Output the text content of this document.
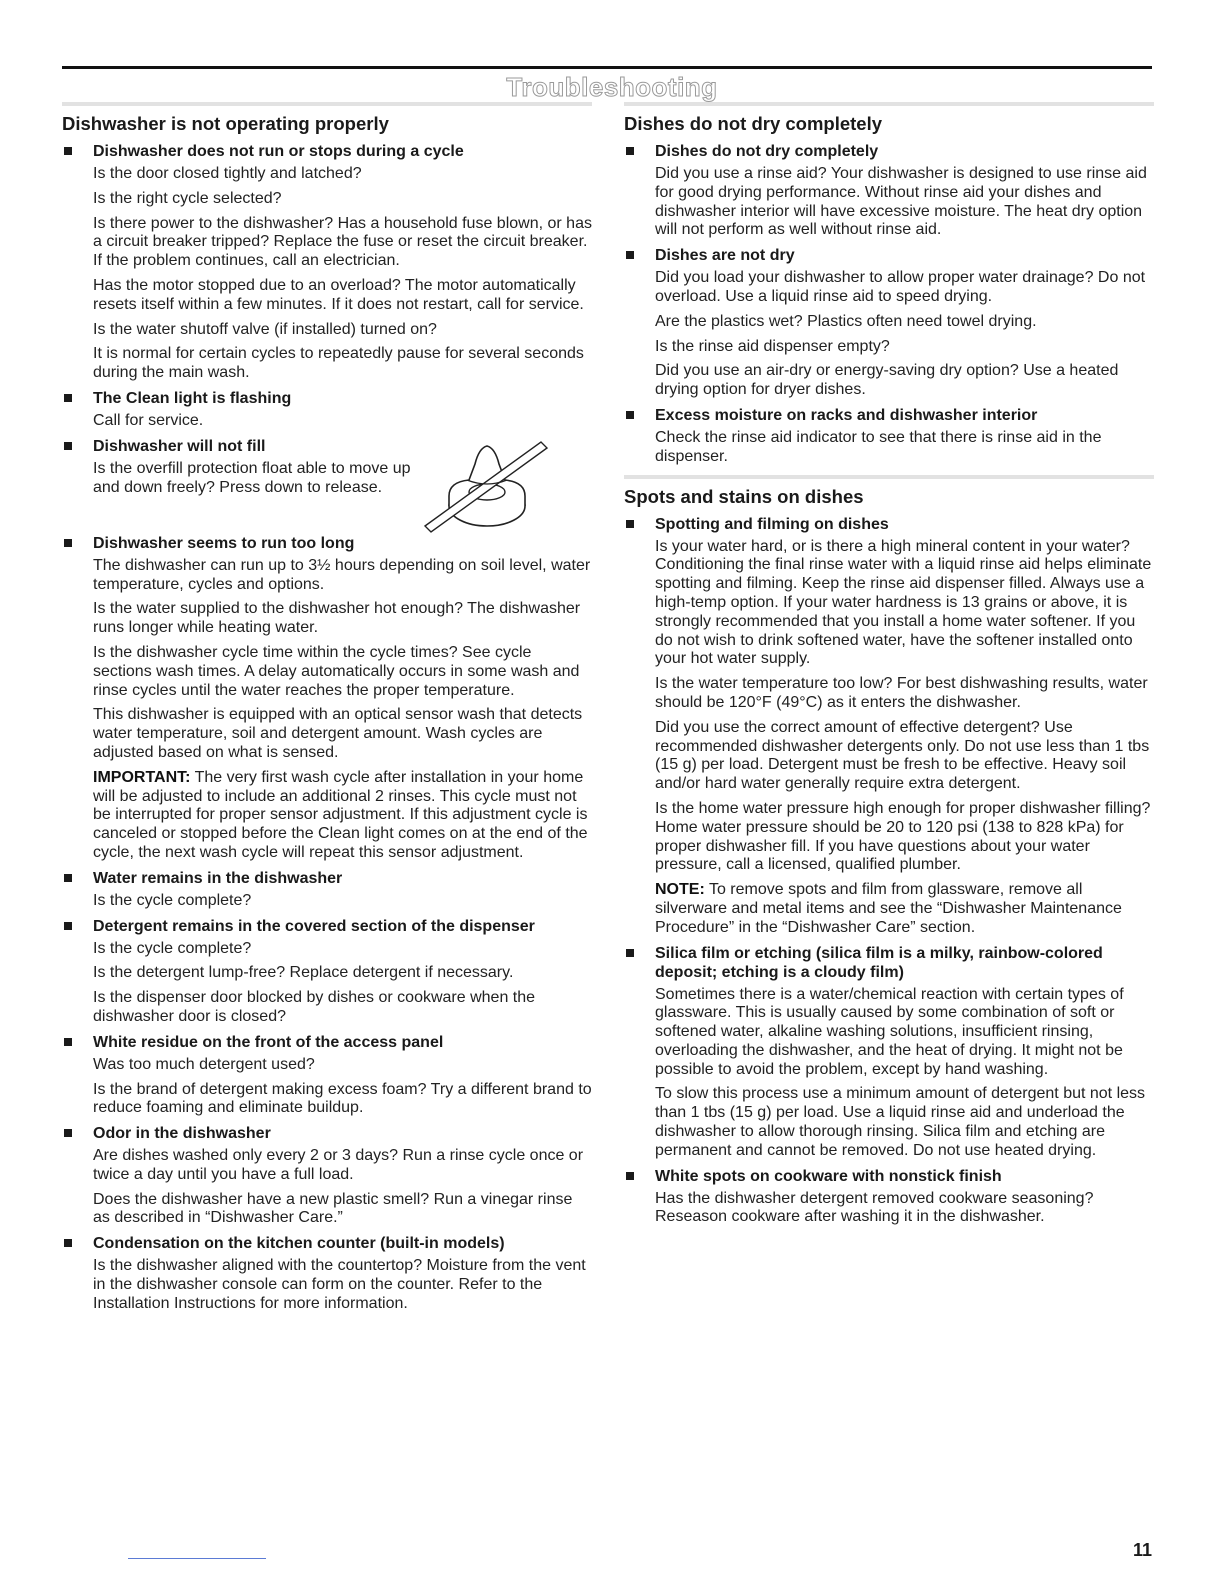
Troubleshooting
Dishwasher is not operating properly
Dishwasher does not run or stops during a cycle

Is the door closed tightly and latched?

Is the right cycle selected?

Is there power to the dishwasher? Has a household fuse blown, or has a circuit breaker tripped? Replace the fuse or reset the circuit breaker. If the problem continues, call an electrician.

Has the motor stopped due to an overload? The motor automatically resets itself within a few minutes. If it does not restart, call for service.

Is the water shutoff valve (if installed) turned on?

It is normal for certain cycles to repeatedly pause for several seconds during the main wash.

The Clean light is flashing

Call for service.

Dishwasher will not fill

Is the overfill protection float able to move up and down freely? Press down to release.

Dishwasher seems to run too long

The dishwasher can run up to 3½ hours depending on soil level, water temperature, cycles and options.

Is the water supplied to the dishwasher hot enough? The dishwasher runs longer while heating water.

Is the dishwasher cycle time within the cycle times? See cycle sections wash times. A delay automatically occurs in some wash and rinse cycles until the water reaches the proper temperature.

This dishwasher is equipped with an optical sensor wash that detects water temperature, soil and detergent amount. Wash cycles are adjusted based on what is sensed.

IMPORTANT: The very first wash cycle after installation in your home will be adjusted to include an additional 2 rinses. This cycle must not be interrupted for proper sensor adjustment. If this adjustment cycle is canceled or stopped before the Clean light comes on at the end of the cycle, the next wash cycle will repeat this sensor adjustment.

Water remains in the dishwasher

Is the cycle complete?

Detergent remains in the covered section of the dispenser

Is the cycle complete?

Is the detergent lump-free? Replace detergent if necessary.

Is the dispenser door blocked by dishes or cookware when the dishwasher door is closed?

White residue on the front of the access panel

Was too much detergent used?

Is the brand of detergent making excess foam? Try a different brand to reduce foaming and eliminate buildup.

Odor in the dishwasher

Are dishes washed only every 2 or 3 days? Run a rinse cycle once or twice a day until you have a full load.

Does the dishwasher have a new plastic smell? Run a vinegar rinse as described in “Dishwasher Care.”

Condensation on the kitchen counter (built-in models)

Is the dishwasher aligned with the countertop? Moisture from the vent in the dishwasher console can form on the counter. Refer to the Installation Instructions for more information.

Dishes do not dry completely
Dishes do not dry completely

Did you use a rinse aid? Your dishwasher is designed to use rinse aid for good drying performance. Without rinse aid your dishes and dishwasher interior will have excessive moisture. The heat dry option will not perform as well without rinse aid.

Dishes are not dry

Did you load your dishwasher to allow proper water drainage? Do not overload. Use a liquid rinse aid to speed drying.

Are the plastics wet? Plastics often need towel drying.

Is the rinse aid dispenser empty?

Did you use an air-dry or energy-saving dry option? Use a heated drying option for dryer dishes.

Excess moisture on racks and dishwasher interior

Check the rinse aid indicator to see that there is rinse aid in the dispenser.

Spots and stains on dishes
Spotting and filming on dishes

Is your water hard, or is there a high mineral content in your water? Conditioning the final rinse water with a liquid rinse aid helps eliminate spotting and filming. Keep the rinse aid dispenser filled. Always use a high-temp option. If your water hardness is 13 grains or above, it is strongly recommended that you install a home water softener. If you do not wish to drink softened water, have the softener installed onto your hot water supply.

Is the water temperature too low? For best dishwashing results, water should be 120°F (49°C) as it enters the dishwasher.

Did you use the correct amount of effective detergent? Use recommended dishwasher detergents only. Do not use less than 1 tbs (15 g) per load. Detergent must be fresh to be effective. Heavy soil and/or hard water generally require extra detergent.

Is the home water pressure high enough for proper dishwasher filling? Home water pressure should be 20 to 120 psi (138 to 828 kPa) for proper dishwasher fill. If you have questions about your water pressure, call a licensed, qualified plumber.

NOTE: To remove spots and film from glassware, remove all silverware and metal items and see the “Dishwasher Maintenance Procedure” in the “Dishwasher Care” section.

Silica film or etching (silica film is a milky, rainbow-colored deposit; etching is a cloudy film)

Sometimes there is a water/chemical reaction with certain types of glassware. This is usually caused by some combination of soft or softened water, alkaline washing solutions, insufficient rinsing, overloading the dishwasher, and the heat of drying. It might not be possible to avoid the problem, except by hand washing.

To slow this process use a minimum amount of detergent but not less than 1 tbs (15 g) per load. Use a liquid rinse aid and underload the dishwasher to allow thorough rinsing. Silica film and etching are permanent and cannot be removed. Do not use heated drying.

White spots on cookware with nonstick finish

Has the dishwasher detergent removed cookware seasoning? Reseason cookware after washing it in the dishwasher.

11
